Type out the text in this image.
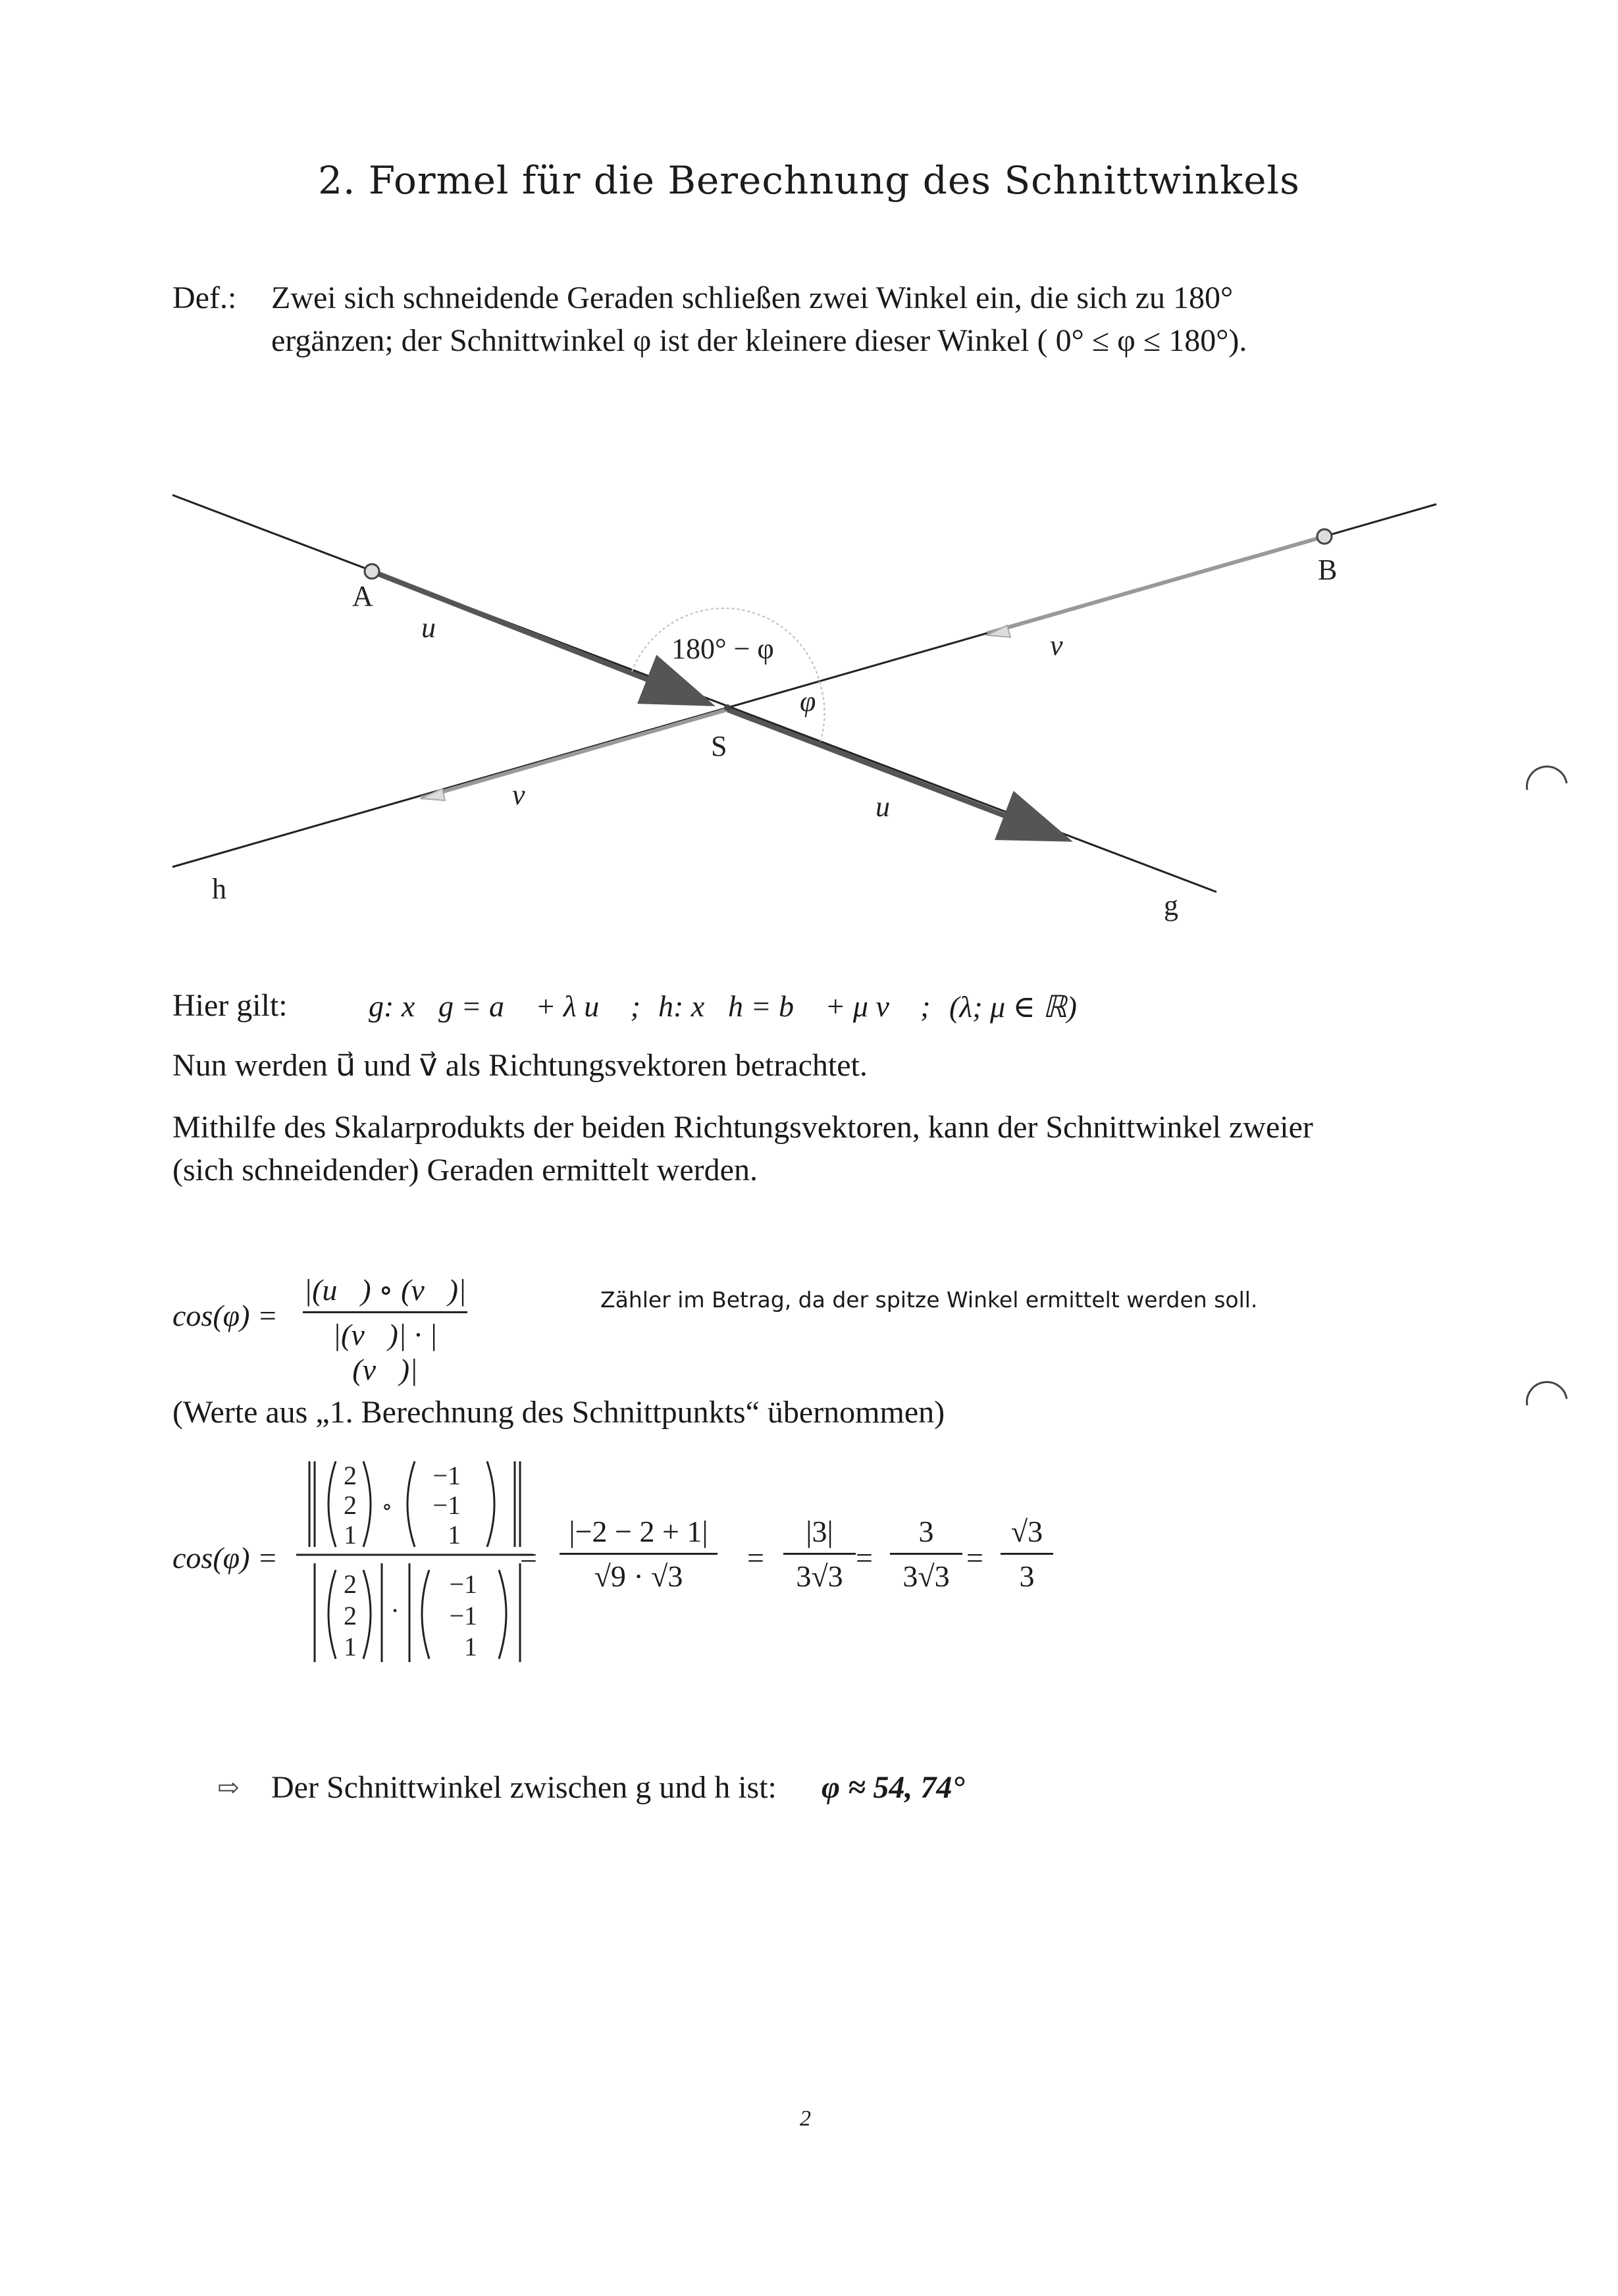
2. Formel für die Berechnung des Schnittwinkels
Def.: Zwei sich schneidende Geraden schließen zwei Winkel ein, die sich zu 180°
ergänzen; der Schnittwinkel φ ist der kleinere dieser Winkel ( 0° ≤ φ ≤ 180°).
A
B
S
g
h
u⃗
u⃗
v⃗
v⃗
180° − φ
φ
Hier gilt:	g: x⃗g = a⃗ + λ u⃗ ; h: x⃗h = b⃗ + μ v⃗ ; (λ; μ ∈ ℝ)
Nun werden u⃗ und v⃗ als Richtungsvektoren betrachtet.
Mithilfe des Skalarprodukts der beiden Richtungsvektoren, kann der Schnittwinkel zweier
(sich schneidender) Geraden ermittelt werden.
cos(φ) =
|(u⃗) ∘ (v⃗)|
|(v⃗)| · |(v⃗)|
Zähler im Betrag, da der spitze Winkel ermittelt werden soll.
(Werte aus „1. Berechnung des Schnittpunkts“ übernommen)
cos(φ) =
2
2
1
∘
−1
−1
1
2
2
1
·
−1
−1
1
=
|−2 − 2 + 1|
√9 · √3
=
|3|
3√3
=
3
3√3
=
√3
3
⇨ Der Schnittwinkel zwischen g und h ist: φ ≈ 54, 74°
2
